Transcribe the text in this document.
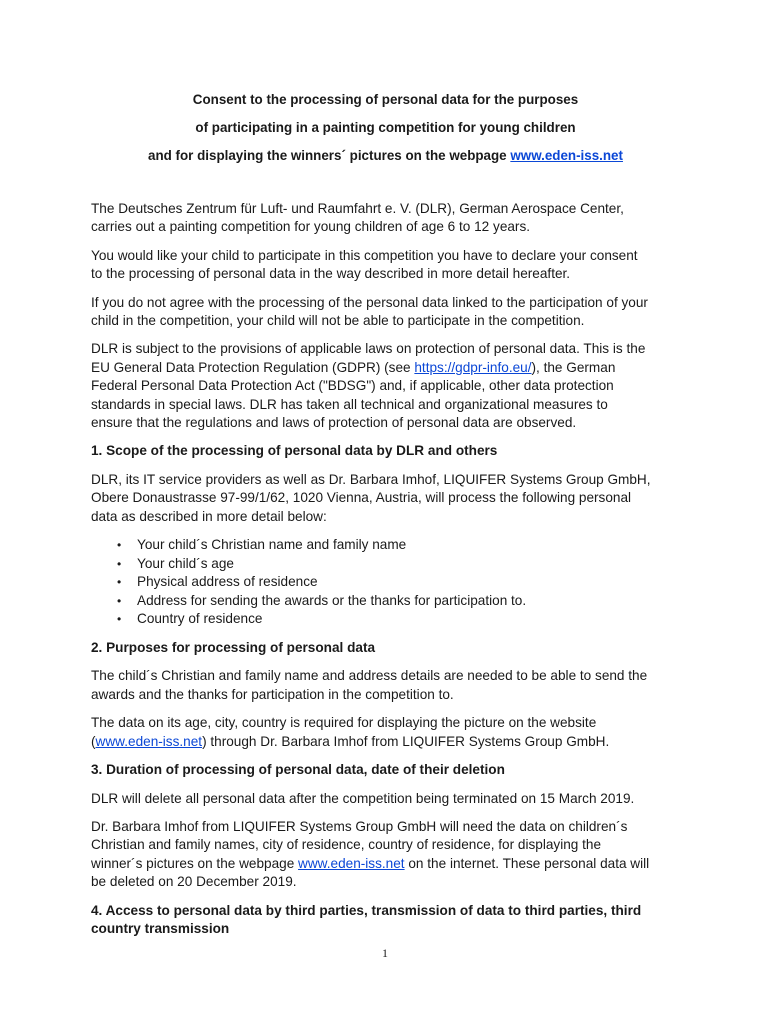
Consent to the processing of personal data for the purposes
of participating in a painting competition for young children
and for displaying the winners´ pictures on the webpage www.eden-iss.net

The Deutsches Zentrum für Luft- und Raumfahrt e. V. (DLR), German Aerospace Center,
carries out a painting competition for young children of age 6 to 12 years.

You would like your child to participate in this competition you have to declare your consent
to the processing of personal data in the way described in more detail hereafter.

If you do not agree with the processing of the personal data linked to the participation of your
child in the competition, your child will not be able to participate in the competition.

DLR is subject to the provisions of applicable laws on protection of personal data. This is the
EU General Data Protection Regulation (GDPR) (see https://gdpr-info.eu/), the German
Federal Personal Data Protection Act ("BDSG") and, if applicable, other data protection
standards in special laws. DLR has taken all technical and organizational measures to
ensure that the regulations and laws of protection of personal data are observed.

1. Scope of the processing of personal data by DLR and others

DLR, its IT service providers as well as Dr. Barbara Imhof, LIQUIFER Systems Group GmbH,
Obere Donaustrasse 97-99/1/62, 1020 Vienna, Austria, will process the following personal
data as described in more detail below:

• Your child´s Christian name and family name
• Your child´s age
• Physical address of residence
• Address for sending the awards or the thanks for participation to.
• Country of residence
2. Purposes for processing of personal data

The child´s Christian and family name and address details are needed to be able to send the
awards and the thanks for participation in the competition to.

The data on its age, city, country is required for displaying the picture on the website
(www.eden-iss.net) through Dr. Barbara Imhof from LIQUIFER Systems Group GmbH.

3. Duration of processing of personal data, date of their deletion

DLR will delete all personal data after the competition being terminated on 15 March 2019.

Dr. Barbara Imhof from LIQUIFER Systems Group GmbH will need the data on children´s
Christian and family names, city of residence, country of residence, for displaying the
winner´s pictures on the webpage www.eden-iss.net on the internet. These personal data will
be deleted on 20 December 2019.

4. Access to personal data by third parties, transmission of data to third parties, third
country transmission
1
